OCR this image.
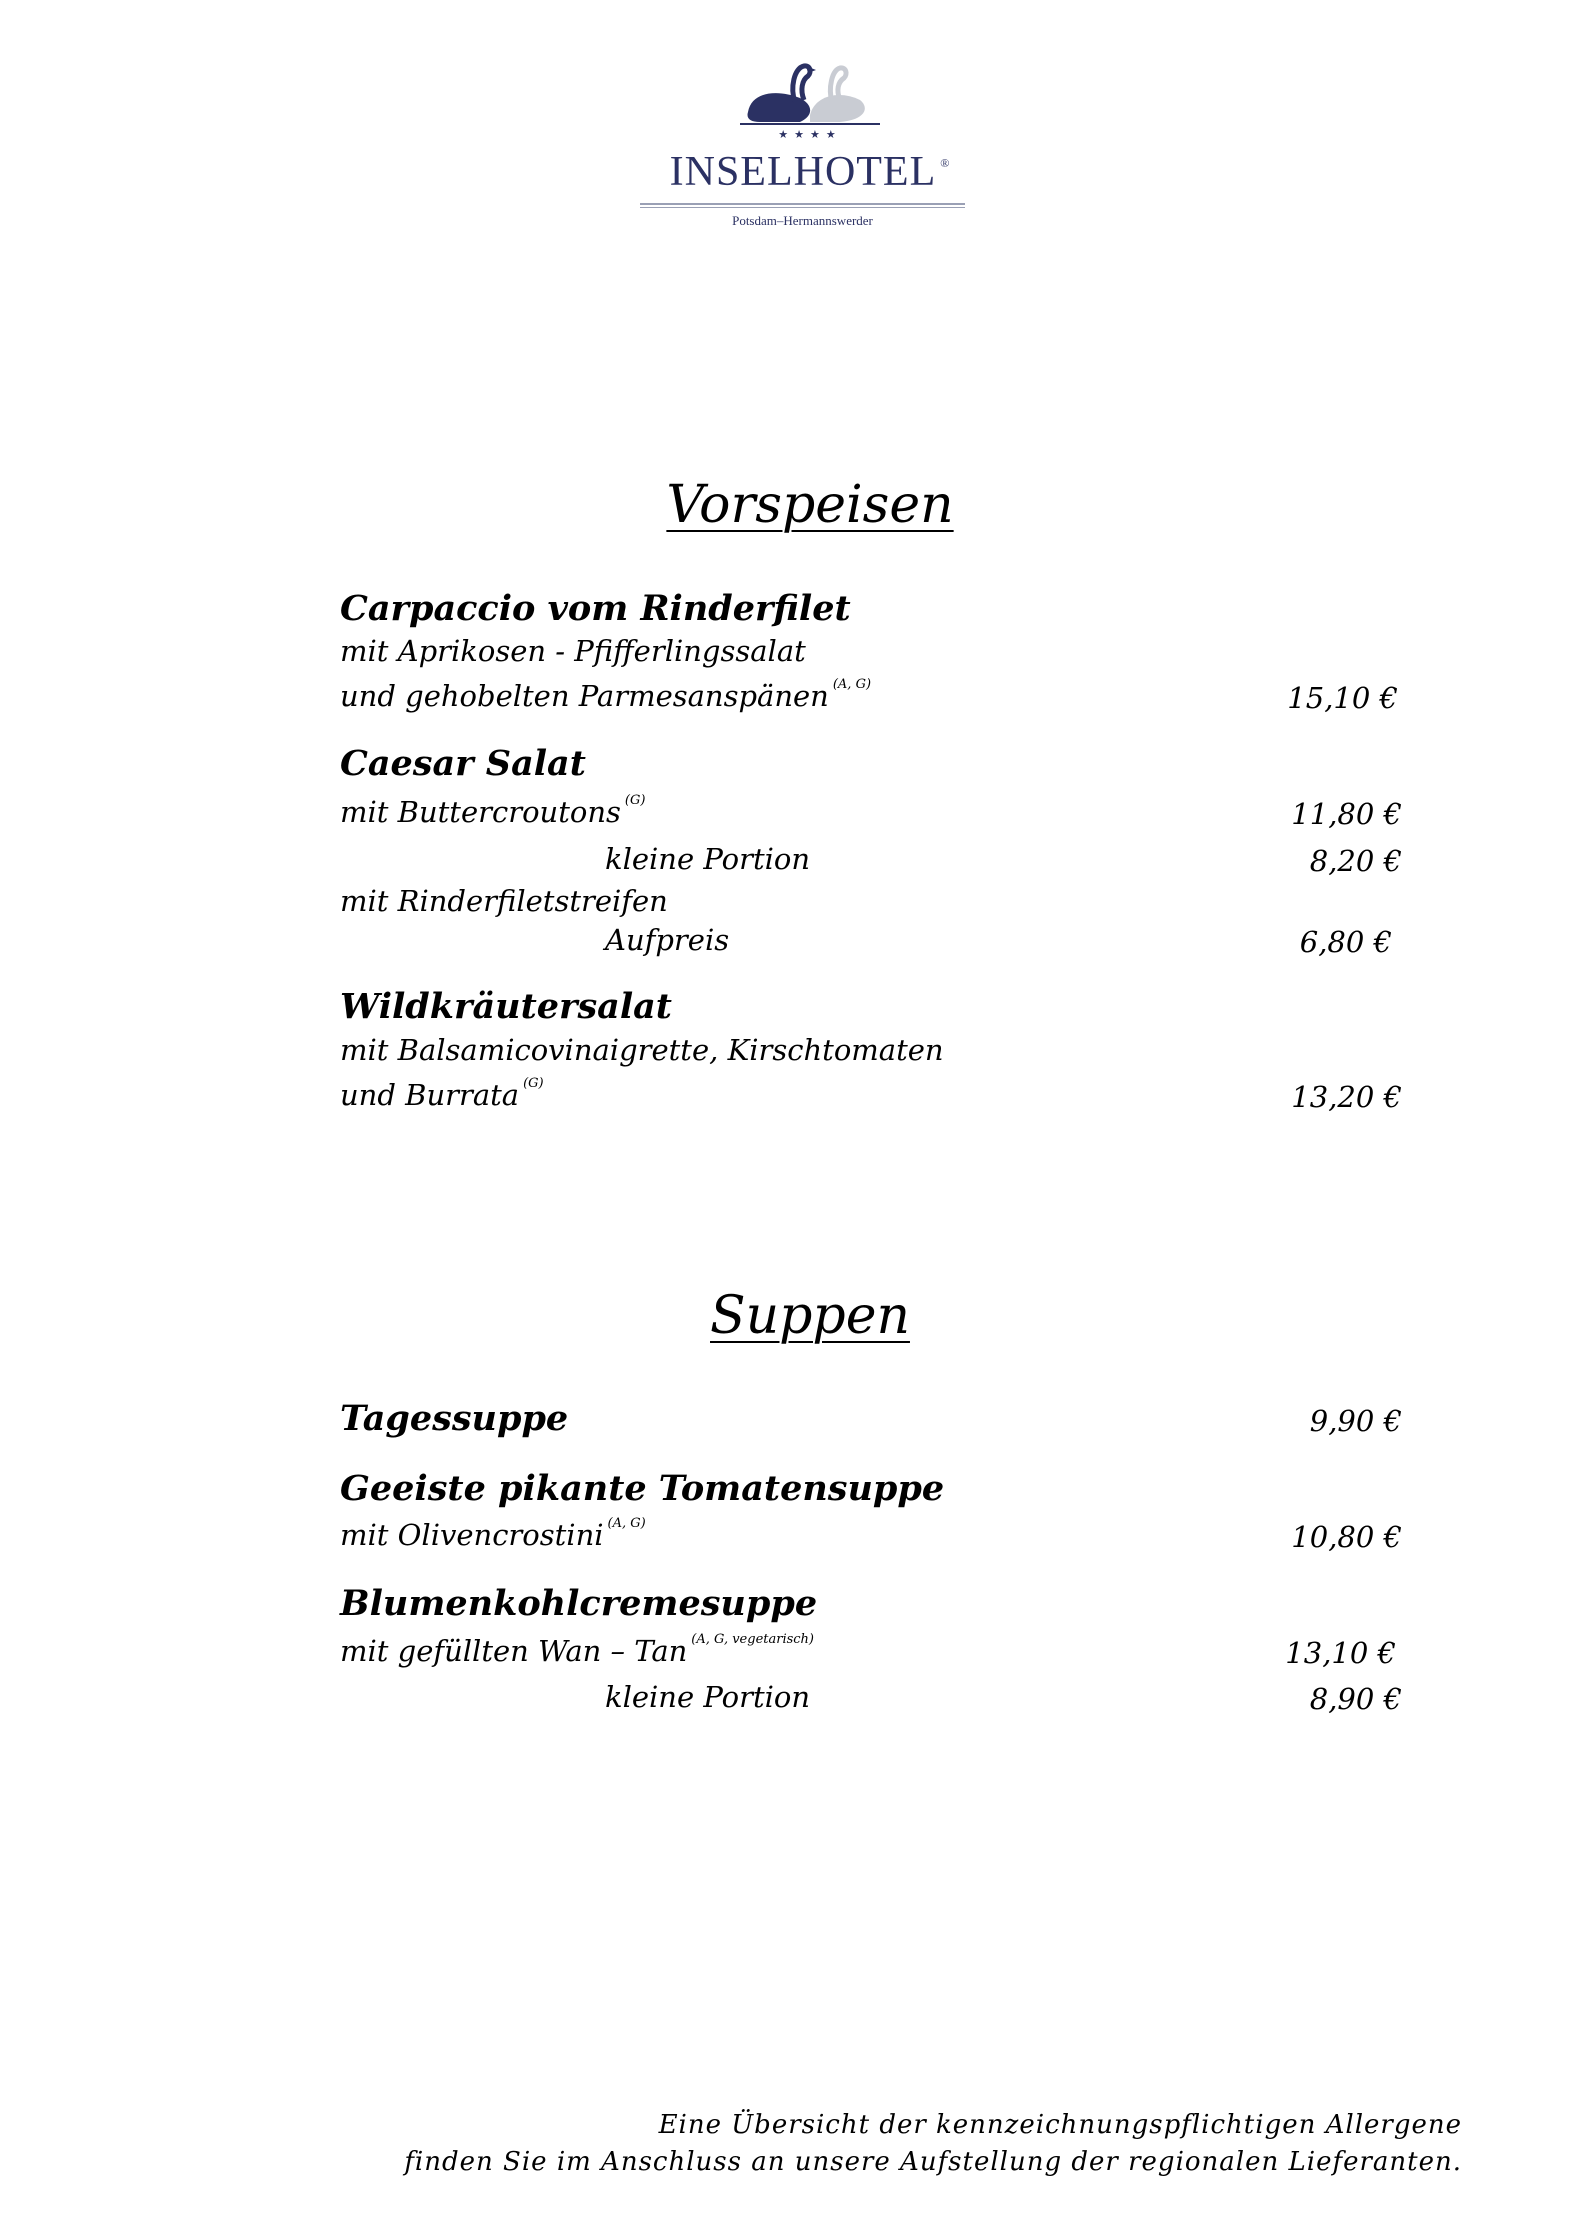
★★★★
INSELHOTEL ®
Potsdam–Hermannswerder
Vorspeisen
Carpaccio vom Rinderfilet
mit Aprikosen - Pfifferlingssalat
und gehobelten Parmesanspänen $^{(A, G)}$	15,10 €
Caesar Salat
mit Buttercroutons $^{(G)}$	11,80 €
kleine Portion	8,20 €
mit Rinderfiletstreifen
Aufpreis	6,80 €
Wildkräutersalat
mit Balsamicovinaigrette, Kirschtomaten
und Burrata $^{(G)}$	13,20 €
Suppen
Tagessuppe	9,90 €
Geeiste pikante Tomatensuppe
mit Olivencrostini $^{(A, G)}$	10,80 €
Blumenkohlcremesuppe
mit gefüllten Wan – Tan $^{(A, G, vegetarisch)}$	13,10 €
kleine Portion	8,90 €
Eine Übersicht der kennzeichnungspflichtigen Allergene
finden Sie im Anschluss an unsere Aufstellung der regionalen Lieferanten.
